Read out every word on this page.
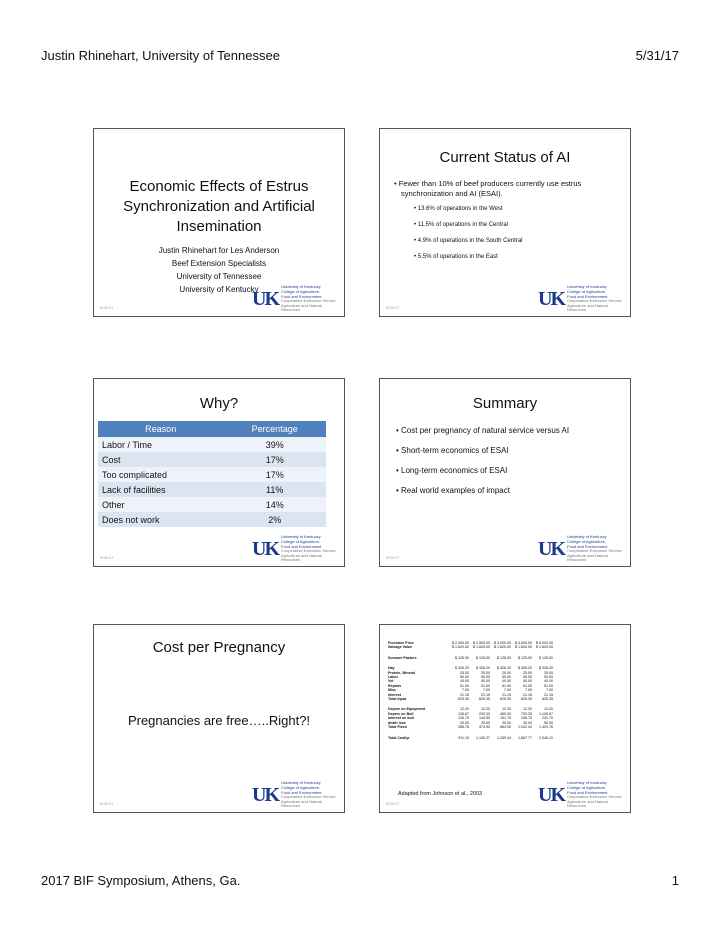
Justin Rhinehart, University of Tennessee	5/31/17
Economic Effects of Estrus Synchronization and Artificial Insemination
Justin Rhinehart for Les Anderson
Beef Extension Specialists
University of Tennessee
University of Kentucky
5/31/17	UK
University of Kentucky
College of Agriculture,
Food and Environment
Cooperative Extension Service
Agriculture and Natural Resources
Current Status of AI
• Fewer than 10% of beef producers currently use estrus synchronization and AI (ESAI).
• 13.6% of operations in the West
• 11.5% of operations in the Central
• 4.9% of operations in the South Central
• 5.5% of operations in the East
5/31/17	UK
University of Kentucky
College of Agriculture,
Food and Environment
Cooperative Extension Service
Agriculture and Natural Resources
Why?
Reason	Percentage
Labor / Time	39%
Cost	17%
Too complicated	17%
Lack of facilities	11%
Other	14%
Does not work	2%
5/31/17	UK
University of Kentucky
College of Agriculture,
Food and Environment
Cooperative Extension Service
Agriculture and Natural Resources
Summary
• Cost per pregnancy of natural service versus AI
• Short-term economics of ESAI
• Long-term economics of ESAI
• Real world examples of impact
5/31/17	UK
University of Kentucky
College of Agriculture,
Food and Environment
Cooperative Extension Service
Agriculture and Natural Resources
Cost per Pregnancy
Pregnancies are free…..Right?!
5/31/17	UK
University of Kentucky
College of Agriculture,
Food and Environment
Cooperative Extension Service
Agriculture and Natural Resources
Purchase Price	$ 2,000.00	$ 2,500.00	$ 3,000.00	$ 4,000.00	$ 5,000.00
Salvage Value	$ 1,620.00	$ 1,620.00	$ 1,620.00	$ 1,620.00	$ 1,620.00

Summer Pasture	$ 125.00	$ 125.00	$ 125.00	$ 125.00	$ 125.00

Hay	$ 326.20	$ 326.20	$ 326.20	$ 326.20	$ 326.20
Protein, Mineral	25.00	25.00	25.00	25.00	25.00
Labor	50.00	50.00	50.00	50.00	50.00
Vet	40.00	40.00	40.00	40.00	40.00
Repairs	51.00	51.00	51.00	51.00	51.00
Misc	7.00	7.00	7.00	7.00	7.00
Interest	21.15	21.15	21.15	21.15	21.15
Total Input	625.35	625.35	625.35	625.35	625.35

Deprec on Equipment	12.20	12.20	12.20	12.20	12.20
Deprec on Bull	126.67	293.33	460.00	793.33	1,126.67
Interest on bull	126.79	144.50	161.70	196.70	231.70
death loss	20.00	25.00	30.00	40.00	50.00
Total Fixed	285.76	474.93	664.00	1,042.42	1,420.76

Total Cost/yr	911.10	1,100.27	1,289.44	1,667.77	2,046.10
Adapted from Johnson et al., 2003
5/31/17	UK
University of Kentucky
College of Agriculture,
Food and Environment
Cooperative Extension Service
Agriculture and Natural Resources
2017 BIF Symposium, Athens, Ga.	1
